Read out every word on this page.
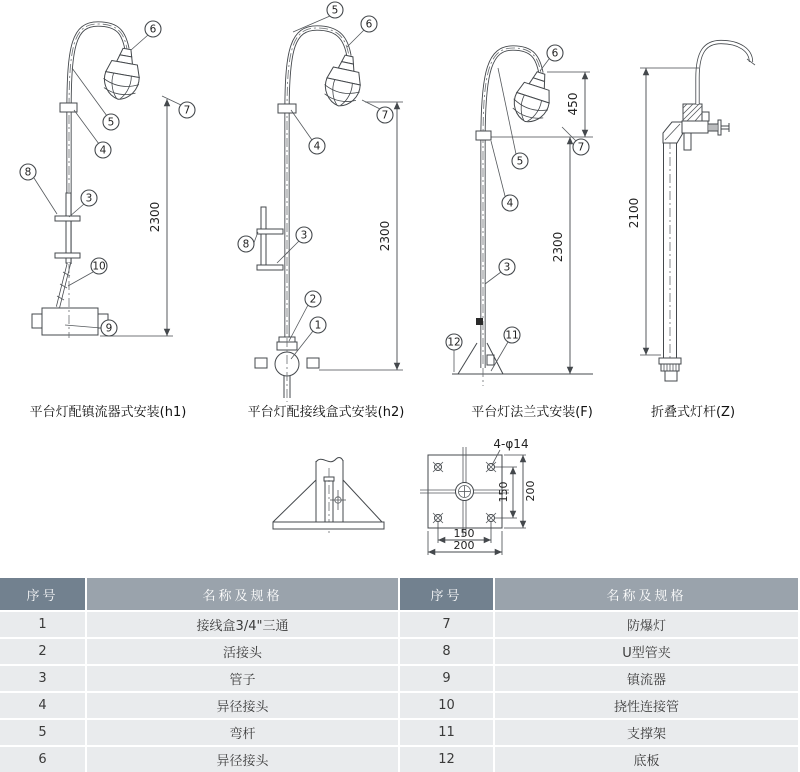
2300
6
5
4
8
3
10
9
7
平台灯配镇流器式安装(h1)
2300
5
6
4
8
3
2
1
7
平台灯配接线盒式安装(h2)
450
2300
6
5
4
3
12
11
7
平台灯法兰式安装(F)
2100
折叠式灯杆(Z)
4-φ14
150 200
150
200
序号	名称及规格	序号	名称及规格
1	接线盒3/4"三通	7	防爆灯
2	活接头	8	U型管夹
3	管子	9	镇流器
4	异径接头	10	挠性连接管
5	弯杆	11	支撑架
6	异径接头	12	底板
